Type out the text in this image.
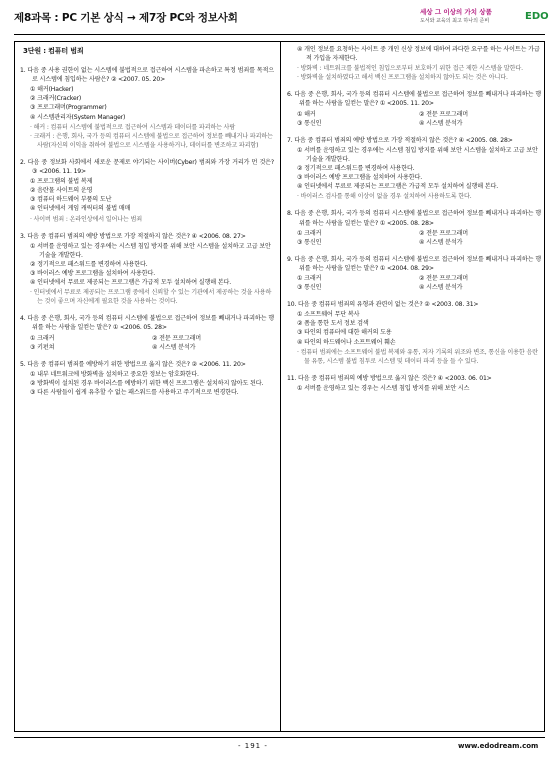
제8과목 : PC 기본 상식 → 제7장 PC와 정보사회	세상 그 이상의 가치 상품
도서와 교육의 최고 하나의 준비	EDO
3단원 : 컴퓨터 범죄

1. 다음 중 사용 권한이 없는 시스템에 불법적으로 접근하여 시스템을 파손하고 특정 범죄를 목적으로 시스템에 침입하는 사람은? ② <2007. 05. 20>

① 해커(Hacker)

② 크래커(Cracker)

③ 프로그래머(Programmer)

④ 시스템관리자(System Manager)

· 해커 : 컴퓨터 시스템에 불법적으로 접근하여 시스템과 데이터를 파괴하는 사람

· 크래커 : 은행, 회사, 국가 등의 컴퓨터 시스템에 불법으로 접근하여 정보를 빼내거나 파괴하는 사람(자신의 이익을 취하여 불법으로 시스템을 사용하거나, 데이터를 변조하고 파괴함)

2. 다음 중 정보화 사회에서 새로운 문제로 야기되는 사이버(Cyber) 범죄와 가장 거리가 먼 것은? ③ <2006. 11. 19>

① 프로그램의 불법 복제

② 음란물 사이트의 운영

③ 컴퓨터 하드웨어 부품의 도난

④ 인터넷에서 게임 캐릭터의 불법 매매

· 사이버 범죄 : 온라인상에서 일어나는 범죄

3. 다음 중 컴퓨터 범죄의 예방 방법으로 가장 적절하지 않은 것은? ④ <2006. 08. 27>

① 서버를 운영하고 있는 경우에는 시스템 침입 방지를 위해 보안 시스템을 설치하고 고급 보안기술을 개발한다.

② 정기적으로 패스워드를 변경하여 사용한다.

③ 바이러스 예방 프로그램을 설치하여 사용한다.

④ 인터넷에서 무료로 제공되는 프로그램은 가급적 모두 설치하여 실행해 본다.

· 인터넷에서 무료로 제공되는 프로그램 중에서 신뢰할 수 있는 기관에서 제공하는 것을 사용하는 것이 좋으며 자신에게 필요한 것을 사용하는 것이다.

4. 다음 중 은행, 회사, 국가 등의 컴퓨터 시스템에 불법으로 접근하여 정보를 빼내거나 파괴하는 행위를 하는 사람을 일컫는 말은? ① <2006. 05. 28>

① 크래커	② 전문 프로그래머

③ 키펀쳐	④ 시스템 분석가

5. 다음 중 컴퓨터 범죄를 예방하기 위한 방법으로 옳지 않은 것은? ② <2006. 11. 20>

① 내부 네트워크에 방화벽을 설치하고 중요한 정보는 암호화한다.

② 방화벽이 설치된 경우 바이러스를 예방하기 위한 백신 프로그램은 설치하지 않아도 된다.

③ 다른 사람들이 쉽게 유추할 수 없는 패스워드를 사용하고 주기적으로 변경한다.

④ 개인 정보를 요청하는 사이트 중 개인 신상 정보에 대하여 과다한 요구를 하는 사이트는 가급적 가입을 자제한다.

· 방화벽 : 네트워크를 불법적인 침입으로부터 보호하기 위한 접근 제한 시스템을 말한다.

· 방화벽을 설치하였다고 해서 백신 프로그램을 설치하지 않아도 되는 것은 아니다.

6. 다음 중 은행, 회사, 국가 등의 컴퓨터 시스템에 불법으로 접근하여 정보를 빼내거나 파괴하는 행위를 하는 사람을 일컫는 말은? ① <2005. 11. 20>

① 해커	② 전문 프로그래머

③ 통신인	④ 시스템 분석가

7. 다음 중 컴퓨터 범죄의 예방 방법으로 가장 적절하지 않은 것은? ④ <2005. 08. 28>

① 서버를 운영하고 있는 경우에는 시스템 침입 방지를 위해 보안 시스템을 설치하고 고급 보안 기술을 개발한다.

② 정기적으로 패스워드를 변경하여 사용한다.

③ 바이러스 예방 프로그램을 설치하여 사용한다.

④ 인터넷에서 무료로 제공되는 프로그램은 가급적 모두 설치하여 실행해 본다.

· 바이러스 검사를 통해 이상이 없을 경우 설치하여 사용하도록 한다.

8. 다음 중 은행, 회사, 국가 등의 컴퓨터 시스템에 불법으로 접근하여 정보를 빼내거나 파괴하는 행위를 하는 사람을 일컫는 말은? ① <2005. 08. 28>

① 크래커	② 전문 프로그래머

③ 통신인	④ 시스템 분석가

9. 다음 중 은행, 회사, 국가 등의 컴퓨터 시스템에 불법으로 접근하여 정보를 빼내거나 파괴하는 행위를 하는 사람을 일컫는 말은? ① <2004. 08. 29>

① 크래커	② 전문 프로그래머

③ 통신인	④ 시스템 분석가

10. 다음 중 컴퓨터 범죄의 유형과 관련이 없는 것은? ② <2003. 08. 31>

① 소프트웨어 무단 복사

② 폼을 통한 도서 정보 검색

③ 타인의 컴퓨터에 대한 해커의 도용

④ 타인의 하드웨어나 소프트웨어 훼손

· 컴퓨터 범죄에는 소프트웨어 불법 복제와 유통, 저자 기록의 위조와 변조, 통신을 이용한 음란물 유통, 시스템 불법 침투로 시스템 및 데이터 파괴 등을 들 수 있다.

11. 다음 중 컴퓨터 범죄의 예방 방법으로 옳지 않은 것은? ④ <2003. 06. 01>

① 서버를 운영하고 있는 경우는 시스템 침입 방지를 위해 보안 시스

- 191 -	www.edodream.com
